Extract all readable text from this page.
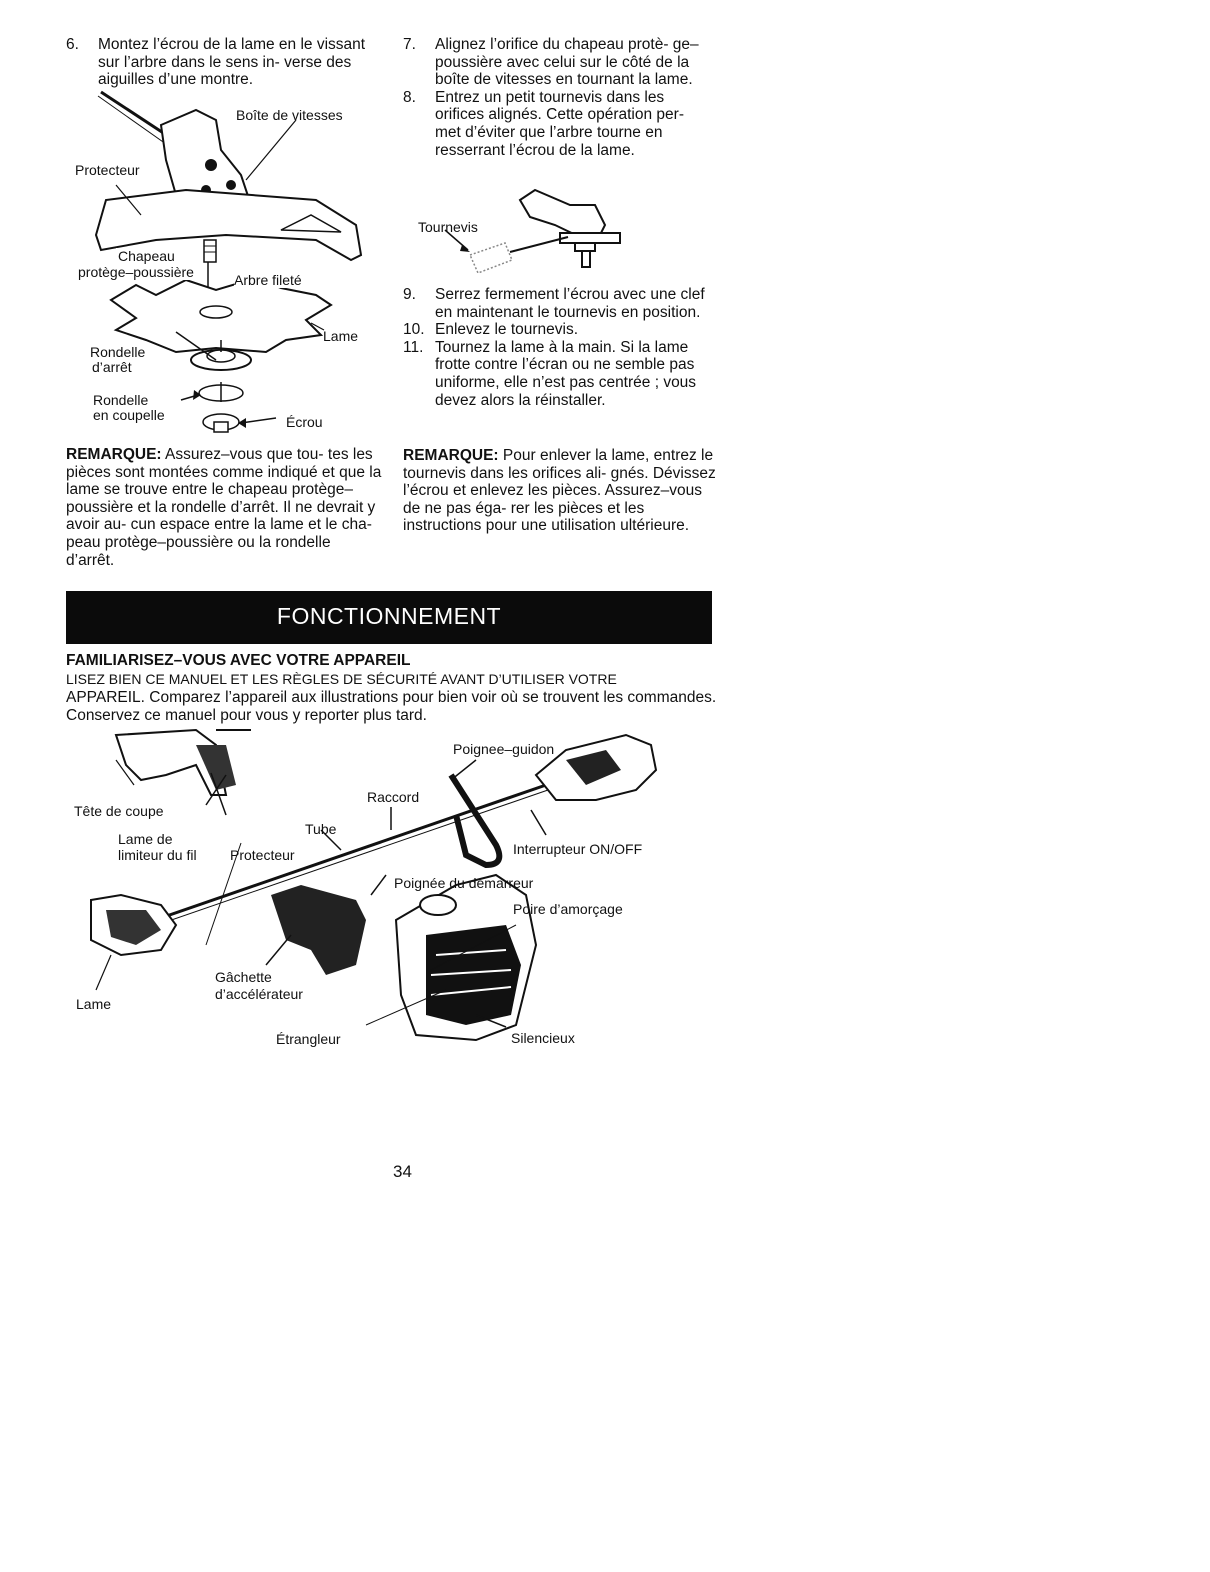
6. Montez l’écrou de la lame en le vissant sur l’arbre dans le sens in- verse des aiguilles d’une montre.
Boîte de vitesses
Protecteur
Chapeau
protège–poussière	Arbre fileté
Lame
Rondelle
d’arrêt
Rondelle
en coupelle	Écrou
REMARQUE: Assurez–vous que tou- tes les pièces sont montées comme indiqué et que la lame se trouve entre le chapeau protège–poussière et la rondelle d’arrêt. Il ne devrait y avoir au- cun espace entre la lame et le cha- peau protège–poussière ou la rondelle d’arrêt.
7. Alignez l’orifice du chapeau protè- ge–poussière avec celui sur le côté de la boîte de vitesses en tournant la lame.
8. Entrez un petit tournevis dans les orifices alignés. Cette opération per- met d’éviter que l’arbre tourne en resserrant l’écrou de la lame.
Tournevis
9. Serrez fermement l’écrou avec une clef en maintenant le tournevis en position.
10. Enlevez le tournevis.
11. Tournez la lame à la main. Si la lame frotte contre l’écran ou ne semble pas uniforme, elle n’est pas centrée ; vous devez alors la réinstaller.
REMARQUE: Pour enlever la lame, entrez le tournevis dans les orifices ali- gnés. Dévissez l’écrou et enlevez les pièces. Assurez–vous de ne pas éga- rer les pièces et les instructions pour une utilisation ultérieure.
FONCTIONNEMENT
FAMILIARISEZ–VOUS AVEC VOTRE APPAREIL
LISEZ BIEN CE MANUEL ET LES RÈGLES DE SÉCURITÉ AVANT D’UTILISER VOTRE
APPAREIL. Comparez l’appareil aux illustrations pour bien voir où se trouvent les commandes. Conservez ce manuel pour vous y reporter plus tard.
Poignee–guidon
Raccord
Tête de coupe
Tube
Lame de
limiteur du fil Protecteur	Interrupteur ON/OFF
Poignée du démarreur
Poire d’amorçage
Gâchette
d’accélérateur
Lame
Étrangleur	Silencieux
34
